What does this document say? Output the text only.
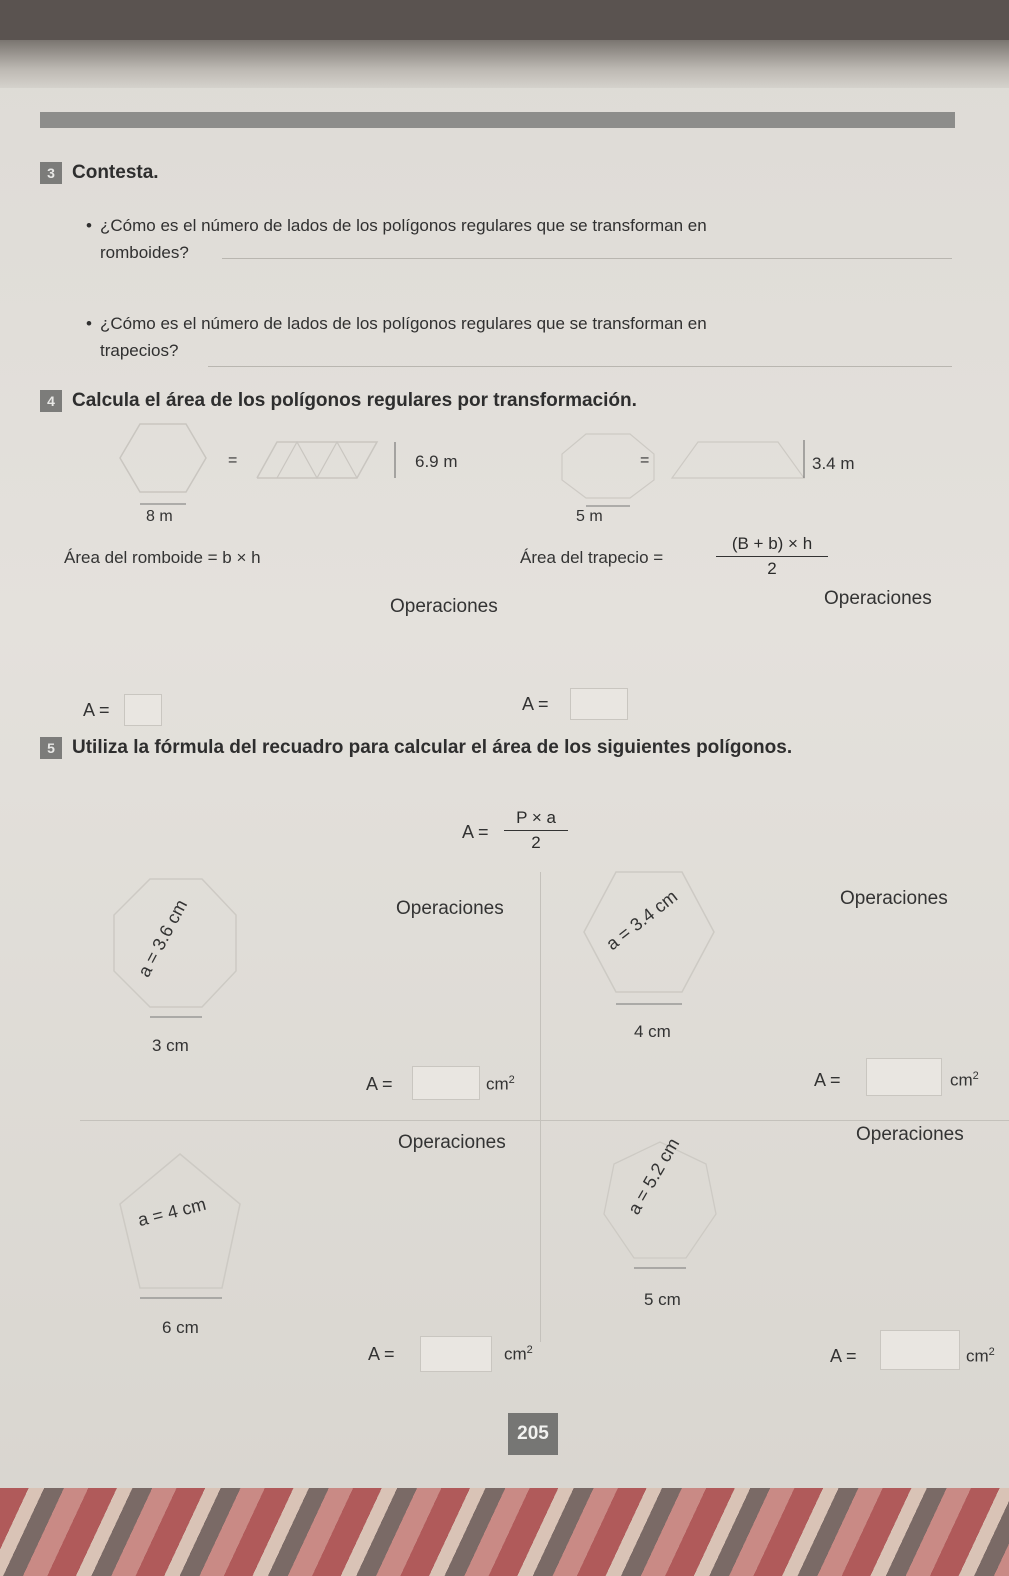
3 Contesta.
• ¿Cómo es el número de lados de los polígonos regulares que se transforman en
romboides?
• ¿Cómo es el número de lados de los polígonos regulares que se transforman en
trapecios?
4 Calcula el área de los polígonos regulares por transformación.
=	6.9 m
8 m
Área del romboide = b × h
Operaciones
A =
=	3.4 m
5 m
Área del trapecio =
(B + b) × h
2
Operaciones
A =
5 Utiliza la fórmula del recuadro para calcular el área de los siguientes polígonos.
A =
P × a
2
a = 3.6 cm
3 cm
Operaciones
A =	$cm^2$
a = 3.4 cm
4 cm
Operaciones
A =	$cm^2$
a = 4 cm
6 cm
Operaciones
A =	$cm^2$
a = 5.2 cm
5 cm
Operaciones
A =	$cm^2$
205
